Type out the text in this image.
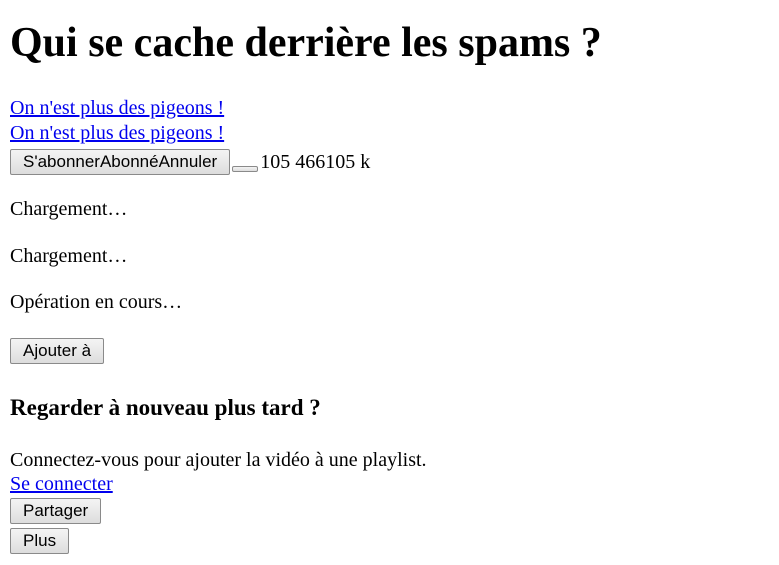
Qui se cache derrière les spams ?
On n'est plus des pigeons !
On n'est plus des pigeons !
S'abonnerAbonnéAnnuler	105 466105 k
Chargement…
Chargement…
Opération en cours…
Ajouter à
Regarder à nouveau plus tard ?
Connectez-vous pour ajouter la vidéo à une playlist.
Se connecter
Partager
Plus
